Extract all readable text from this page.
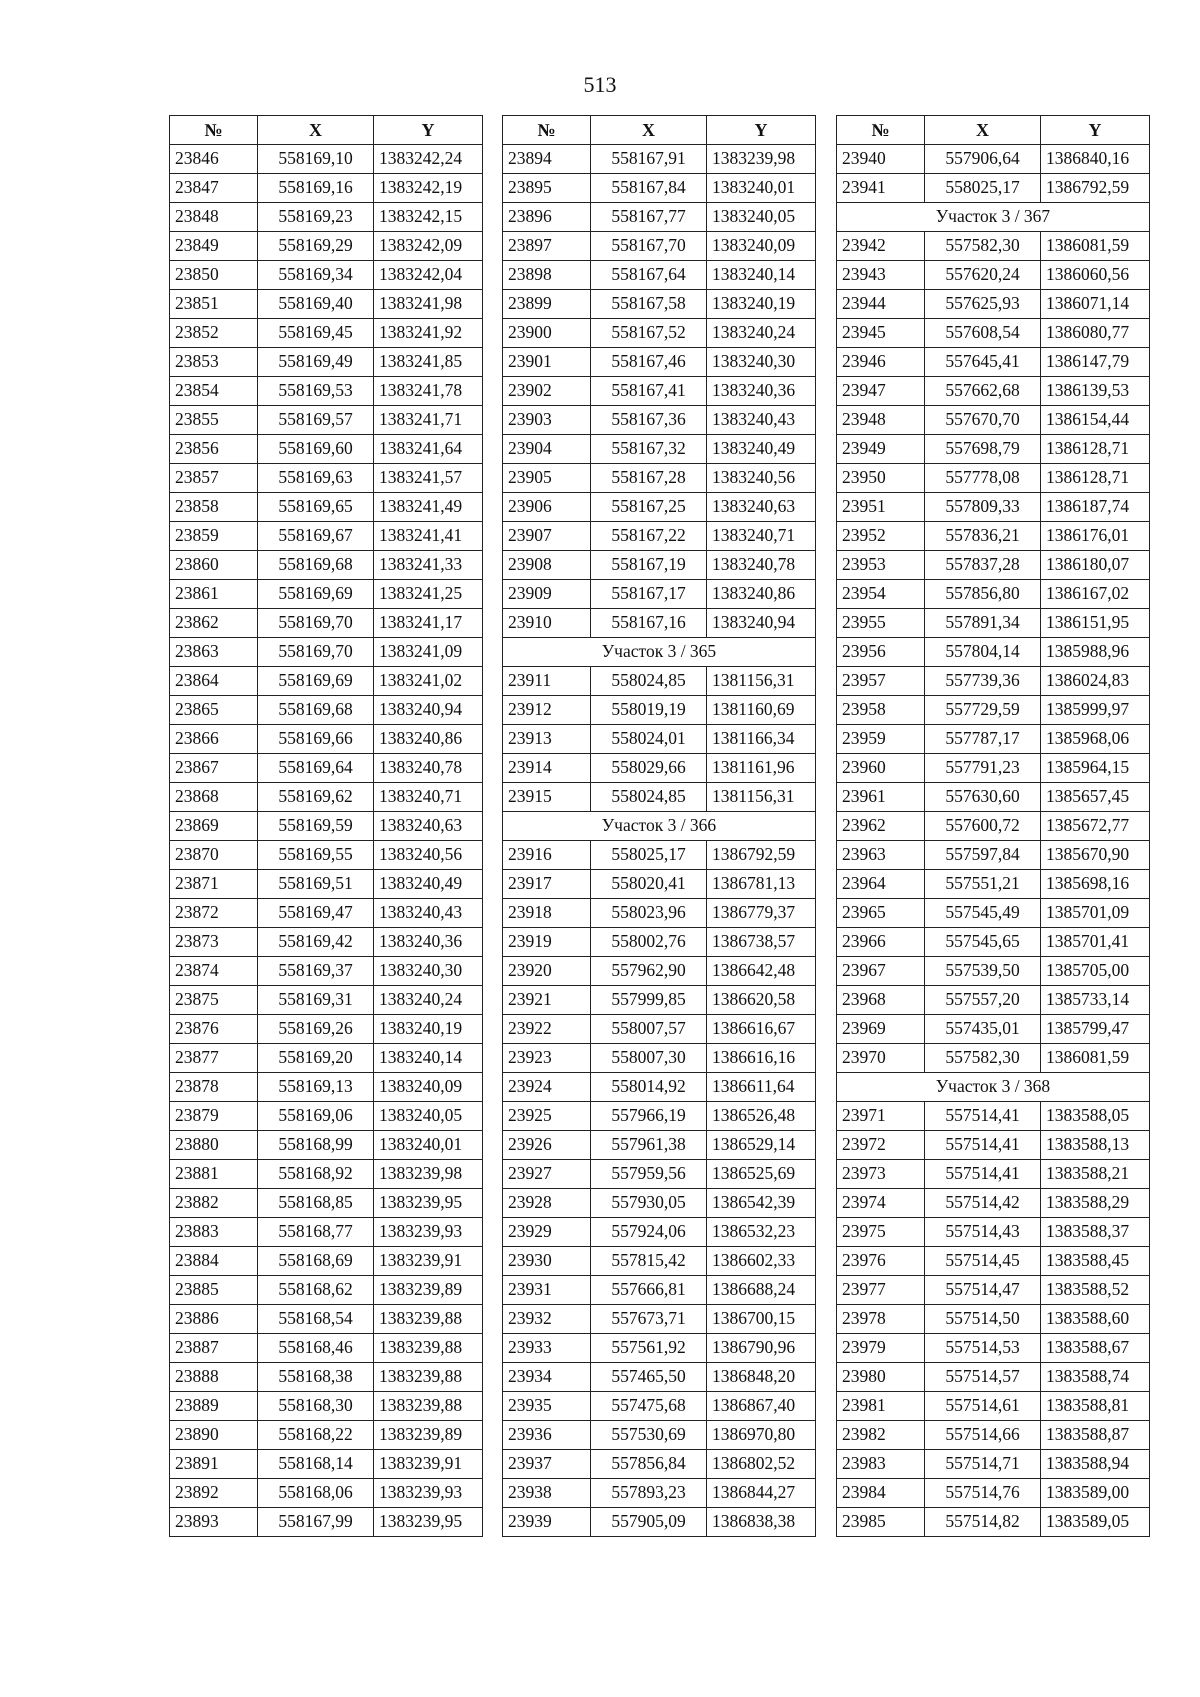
513
№	X	Y
23846	558169,10	1383242,24
23847	558169,16	1383242,19
23848	558169,23	1383242,15
23849	558169,29	1383242,09
23850	558169,34	1383242,04
23851	558169,40	1383241,98
23852	558169,45	1383241,92
23853	558169,49	1383241,85
23854	558169,53	1383241,78
23855	558169,57	1383241,71
23856	558169,60	1383241,64
23857	558169,63	1383241,57
23858	558169,65	1383241,49
23859	558169,67	1383241,41
23860	558169,68	1383241,33
23861	558169,69	1383241,25
23862	558169,70	1383241,17
23863	558169,70	1383241,09
23864	558169,69	1383241,02
23865	558169,68	1383240,94
23866	558169,66	1383240,86
23867	558169,64	1383240,78
23868	558169,62	1383240,71
23869	558169,59	1383240,63
23870	558169,55	1383240,56
23871	558169,51	1383240,49
23872	558169,47	1383240,43
23873	558169,42	1383240,36
23874	558169,37	1383240,30
23875	558169,31	1383240,24
23876	558169,26	1383240,19
23877	558169,20	1383240,14
23878	558169,13	1383240,09
23879	558169,06	1383240,05
23880	558168,99	1383240,01
23881	558168,92	1383239,98
23882	558168,85	1383239,95
23883	558168,77	1383239,93
23884	558168,69	1383239,91
23885	558168,62	1383239,89
23886	558168,54	1383239,88
23887	558168,46	1383239,88
23888	558168,38	1383239,88
23889	558168,30	1383239,88
23890	558168,22	1383239,89
23891	558168,14	1383239,91
23892	558168,06	1383239,93
23893	558167,99	1383239,95
№	X	Y
23894	558167,91	1383239,98
23895	558167,84	1383240,01
23896	558167,77	1383240,05
23897	558167,70	1383240,09
23898	558167,64	1383240,14
23899	558167,58	1383240,19
23900	558167,52	1383240,24
23901	558167,46	1383240,30
23902	558167,41	1383240,36
23903	558167,36	1383240,43
23904	558167,32	1383240,49
23905	558167,28	1383240,56
23906	558167,25	1383240,63
23907	558167,22	1383240,71
23908	558167,19	1383240,78
23909	558167,17	1383240,86
23910	558167,16	1383240,94
Участок 3 / 365		
23911	558024,85	1381156,31
23912	558019,19	1381160,69
23913	558024,01	1381166,34
23914	558029,66	1381161,96
23915	558024,85	1381156,31
Участок 3 / 366		
23916	558025,17	1386792,59
23917	558020,41	1386781,13
23918	558023,96	1386779,37
23919	558002,76	1386738,57
23920	557962,90	1386642,48
23921	557999,85	1386620,58
23922	558007,57	1386616,67
23923	558007,30	1386616,16
23924	558014,92	1386611,64
23925	557966,19	1386526,48
23926	557961,38	1386529,14
23927	557959,56	1386525,69
23928	557930,05	1386542,39
23929	557924,06	1386532,23
23930	557815,42	1386602,33
23931	557666,81	1386688,24
23932	557673,71	1386700,15
23933	557561,92	1386790,96
23934	557465,50	1386848,20
23935	557475,68	1386867,40
23936	557530,69	1386970,80
23937	557856,84	1386802,52
23938	557893,23	1386844,27
23939	557905,09	1386838,38
№	X	Y
23940	557906,64	1386840,16
23941	558025,17	1386792,59
Участок 3 / 367		
23942	557582,30	1386081,59
23943	557620,24	1386060,56
23944	557625,93	1386071,14
23945	557608,54	1386080,77
23946	557645,41	1386147,79
23947	557662,68	1386139,53
23948	557670,70	1386154,44
23949	557698,79	1386128,71
23950	557778,08	1386128,71
23951	557809,33	1386187,74
23952	557836,21	1386176,01
23953	557837,28	1386180,07
23954	557856,80	1386167,02
23955	557891,34	1386151,95
23956	557804,14	1385988,96
23957	557739,36	1386024,83
23958	557729,59	1385999,97
23959	557787,17	1385968,06
23960	557791,23	1385964,15
23961	557630,60	1385657,45
23962	557600,72	1385672,77
23963	557597,84	1385670,90
23964	557551,21	1385698,16
23965	557545,49	1385701,09
23966	557545,65	1385701,41
23967	557539,50	1385705,00
23968	557557,20	1385733,14
23969	557435,01	1385799,47
23970	557582,30	1386081,59
Участок 3 / 368		
23971	557514,41	1383588,05
23972	557514,41	1383588,13
23973	557514,41	1383588,21
23974	557514,42	1383588,29
23975	557514,43	1383588,37
23976	557514,45	1383588,45
23977	557514,47	1383588,52
23978	557514,50	1383588,60
23979	557514,53	1383588,67
23980	557514,57	1383588,74
23981	557514,61	1383588,81
23982	557514,66	1383588,87
23983	557514,71	1383588,94
23984	557514,76	1383589,00
23985	557514,82	1383589,05
